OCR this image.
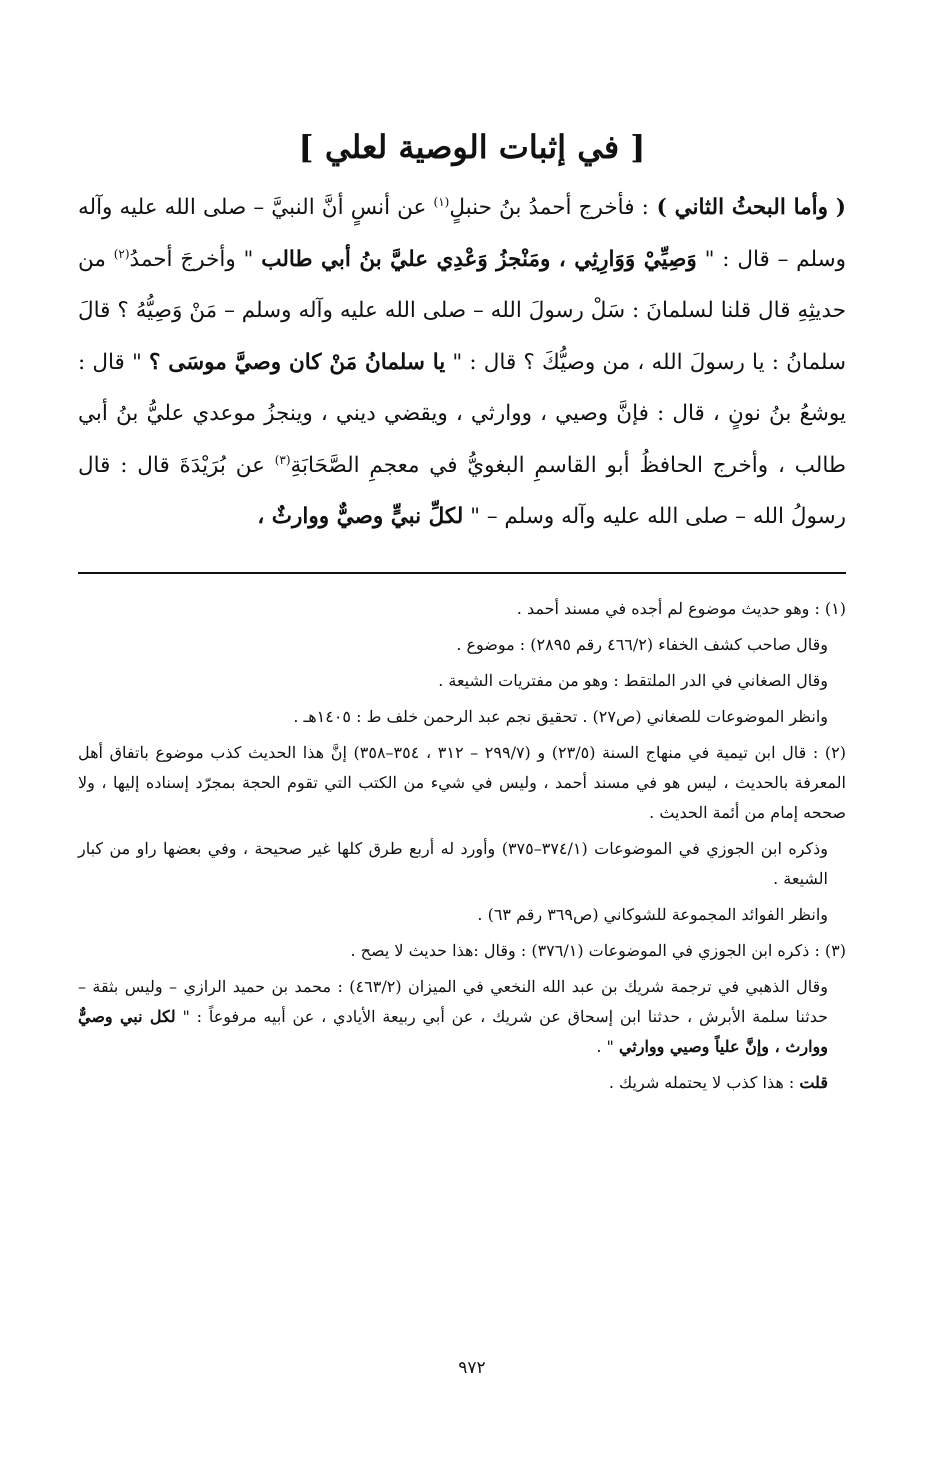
[ في إثبات الوصية لعلي ]

( وأما البحثُ الثاني ) : فأخرج أحمدُ بنُ حنبلٍ$^{(١)}$ عن أنسٍ أنَّ النبيَّ – صلى الله عليه وآله وسلم – قال : " وَصِيِّيْ وَوَارِثِي ، ومَنْجزُ وَعْدِي عليَّ بنُ أبي طالب " وأخرجَ أحمدُ$^{(٢)}$ من حديثِهِ قال قلنا لسلمانَ : سَلْ رسولَ الله – صلى الله عليه وآله وسلم – مَنْ وَصِيُّهُ ؟ قالَ سلمانُ : يا رسولَ الله ، من وصيُّكَ ؟ قال : " يا سلمانُ مَنْ كان وصيَّ موسَى ؟ " قال : يوشعُ بنُ نونٍ ، قال : فإنَّ وصيي ، ووارثي ، ويقضي ديني ، وينجزُ موعدي عليُّ بنُ أبي طالب ، وأخرج الحافظُ أبو القاسمِ البغويُّ في معجمِ الصَّحَابَةِ$^{(٣)}$ عن بُرَيْدَةَ قال : قال رسولُ الله – صلى الله عليه وآله وسلم – " لكلِّ نبيٍّ وصيٌّ ووارثٌ ،

(١) : وهو حديث موضوع لم أجده في مسند أحمد .

وقال صاحب كشف الخفاء (٤٦٦/٢ رقم ٢٨٩٥) : موضوع .

وقال الصغاني في الدر الملتقط : وهو من مفتريات الشيعة .

وانظر الموضوعات للصغاني (ص٢٧) . تحقيق نجم عبد الرحمن خلف ط : ١٤٠٥هـ .

(٢) : قال ابن تيمية في منهاج السنة (٢٣/٥) و (٢٩٩/٧ – ٣١٢ ، ٣٥٤–٣٥٨) إنَّ هذا الحديث كذب موضوع باتفاق أهل المعرفة بالحديث ، ليس هو في مسند أحمد ، وليس في شيء من الكتب التي تقوم الحجة بمجرّد إسناده إليها ، ولا صححه إمام من أئمة الحديث .

وذكره ابن الجوزي في الموضوعات (٣٧٤/١–٣٧٥) وأورد له أربع طرق كلها غير صحيحة ، وفي بعضها راو من كبار الشيعة .

وانظر الفوائد المجموعة للشوكاني (ص٣٦٩ رقم ٦٣) .

(٣) : ذكره ابن الجوزي في الموضوعات (٣٧٦/١) : وقال :هذا حديث لا يصح .

وقال الذهبي في ترجمة شريك بن عبد الله النخعي في الميزان (٤٦٣/٢) : محمد بن حميد الرازي – وليس بثقة – حدثنا سلمة الأبرش ، حدثنا ابن إسحاق عن شريك ، عن أبي ربيعة الأيادي ، عن أبيه مرفوعاً : " لكل نبي وصيٌّ ووارث ، وإنَّ علياً وصيي ووارثي " .

قلت : هذا كذب لا يحتمله شريك .

٩٧٢
